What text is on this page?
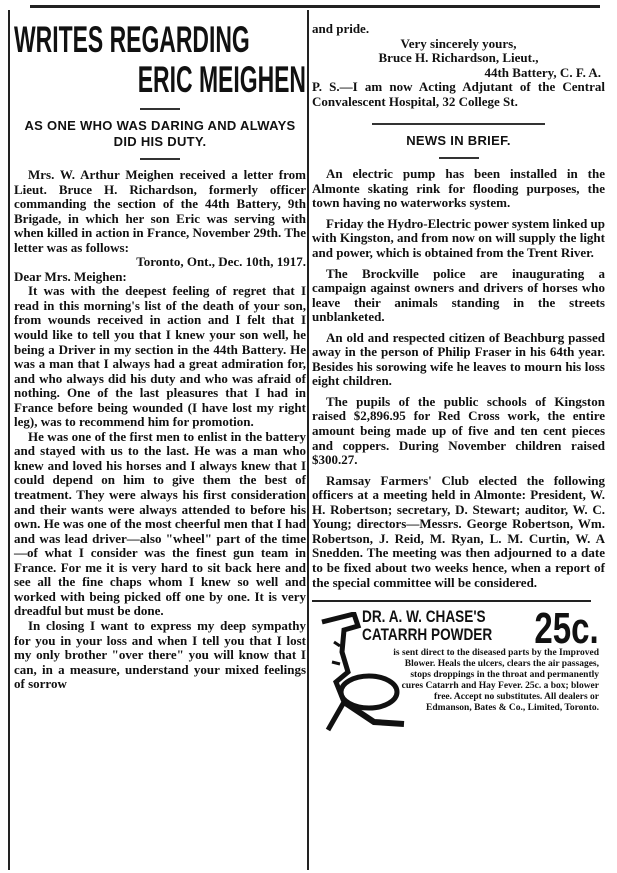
WRITES REGARDING
ERIC MEIGHEN
AS ONE WHO WAS DARING AND ALWAYS DID HIS DUTY.

Mrs. W. Arthur Meighen received a letter from Lieut. Bruce H. Richardson, formerly officer commanding the section of the 44th Battery, 9th Brigade, in which her son Eric was serving with when killed in action in France, November 29th. The letter was as follows:

Toronto, Ont., Dec. 10th, 1917.

Dear Mrs. Meighen:

It was with the deepest feeling of regret that I read in this morning's list of the death of your son, from wounds received in action and I felt that I would like to tell you that I knew your son well, he being a Driver in my section in the 44th Battery. He was a man that I always had a great admiration for, and who always did his duty and who was afraid of nothing. One of the last pleasures that I had in France before being wounded (I have lost my right leg), was to recommend him for promotion.

He was one of the first men to enlist in the battery and stayed with us to the last. He was a man who knew and loved his horses and I always knew that I could depend on him to give them the best of treatment. They were always his first consideration and their wants were always attended to before his own. He was one of the most cheerful men that I had and was lead driver—also "wheel" part of the time—of what I consider was the finest gun team in France. For me it is very hard to sit back here and see all the fine chaps whom I knew so well and worked with being picked off one by one. It is very dreadful but must be done.

In closing I want to express my deep sympathy for you in your loss and when I tell you that I lost my only brother "over there" you will know that I can, in a measure, understand your mixed feelings of sorrow

and pride.

Very sincerely yours,

Bruce H. Richardson, Lieut.,

44th Battery, C. F. A.

P. S.—I am now Acting Adjutant of the Central Convalescent Hospital, 32 College St.

NEWS IN BRIEF.

An electric pump has been installed in the Almonte skating rink for flooding purposes, the town having no waterworks system.

Friday the Hydro-Electric power system linked up with Kingston, and from now on will supply the light and power, which is obtained from the Trent River.

The Brockville police are inaugurating a campaign against owners and drivers of horses who leave their animals standing in the streets unblanketed.

An old and respected citizen of Beachburg passed away in the person of Philip Fraser in his 64th year. Besides his sorowing wife he leaves to mourn his loss eight children.

The pupils of the public schools of Kingston raised $2,896.95 for Red Cross work, the entire amount being made up of five and ten cent pieces and coppers. During November children raised $300.27.

Ramsay Farmers' Club elected the following officers at a meeting held in Almonte: President, W. H. Robertson; secretary, D. Stewart; auditor, W. C. Young; directors—Messrs. George Robertson, Wm. Robertson, J. Reid, M. Ryan, L. M. Curtin, W. A Snedden. The meeting was then adjourned to a date to be fixed about two weeks hence, when a report of the special committee will be considered.

DR. A. W. CHASE'S
CATARRH POWDER 25c.
is sent direct to the diseased parts by the Improved Blower. Heals the ulcers, clears the air passages, stops droppings in the throat and permanently cures Catarrh and Hay Fever. 25c. a box; blower free. Accept no substitutes. All dealers or Edmanson, Bates & Co., Limited, Toronto.
